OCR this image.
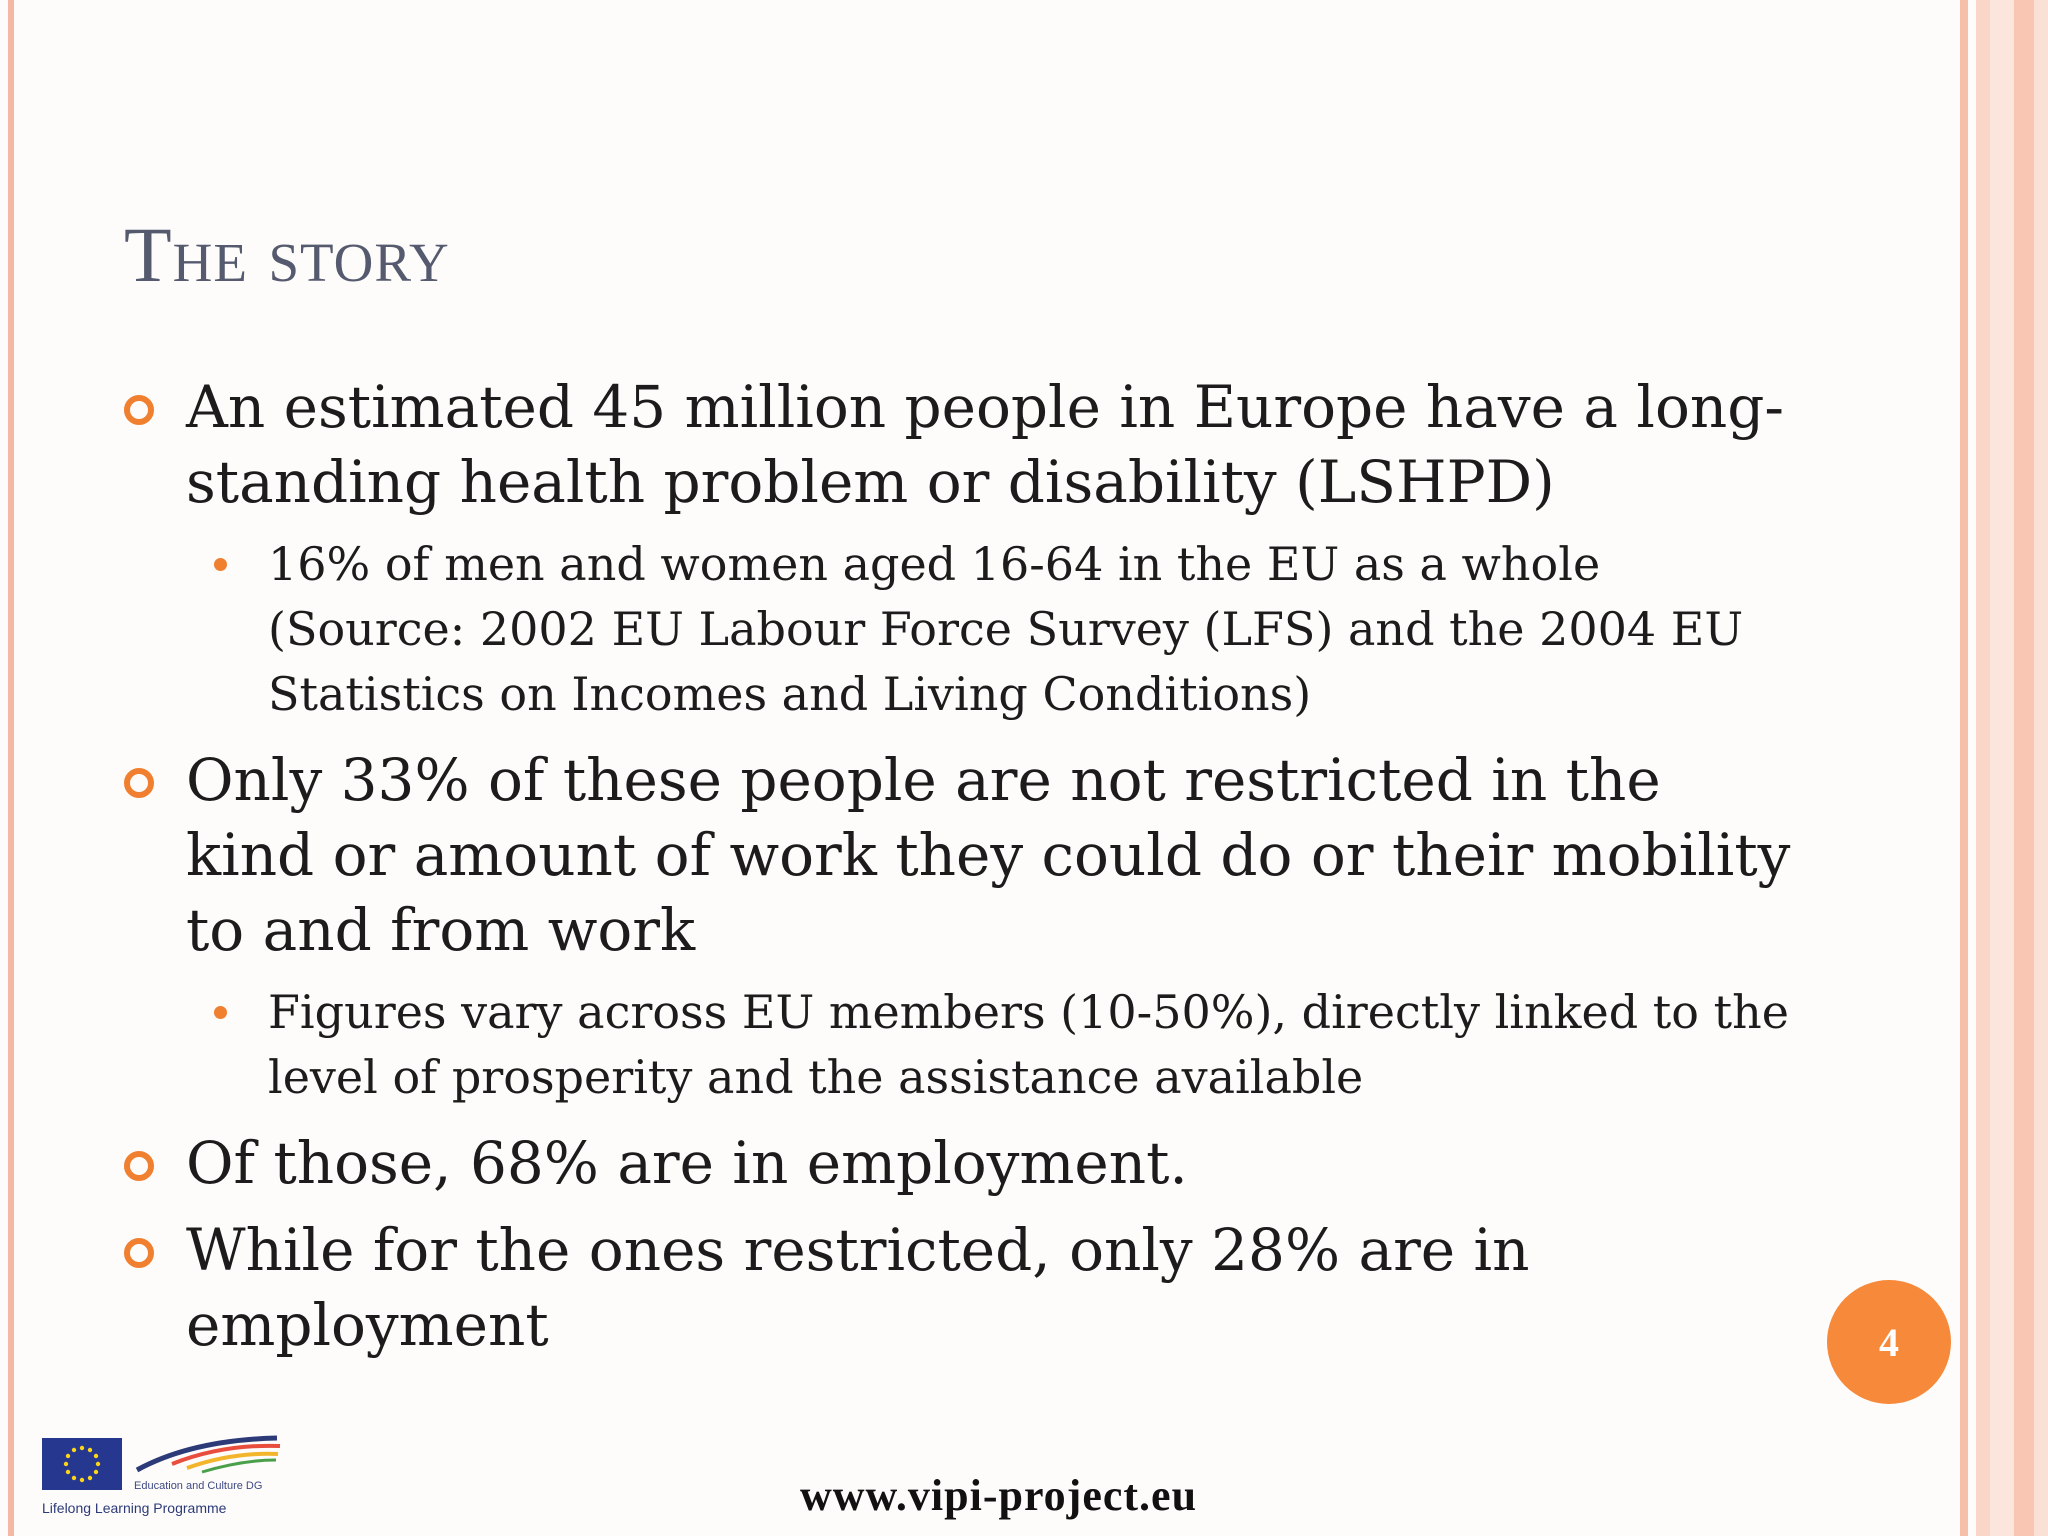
The story
An estimated 45 million people in Europe have a long-standing health problem or disability (LSHPD)
16% of men and women aged 16-64 in the EU as a whole (Source: 2002 EU Labour Force Survey (LFS) and the 2004 EU Statistics on Incomes and Living Conditions)
Only 33% of these people are not restricted in the kind or amount of work they could do or their mobility to and from work
Figures vary across EU members (10-50%), directly linked to the level of prosperity and the assistance available
Of those, 68% are in employment.
While for the ones restricted, only 28% are in employment	4
Education and Culture DG
Lifelong Learning Programme	www.vipi-project.eu
